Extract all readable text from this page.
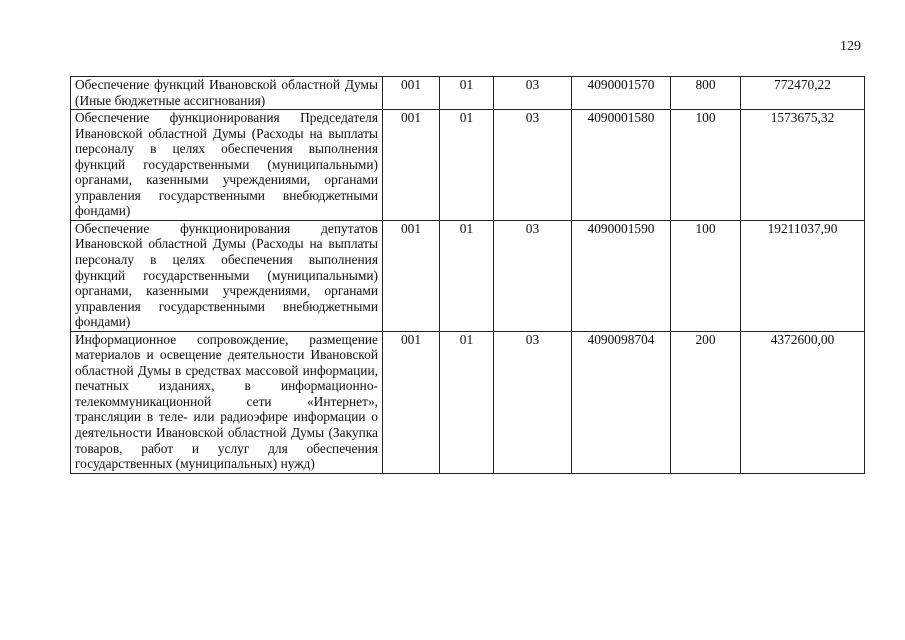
129
Обеспечение функций Ивановской областной Думы (Иные бюджетные ассигнования)	001	01	03	4090001570	800	772470,22
Обеспечение функционирования Председателя Ивановской областной Думы (Расходы на выплаты персоналу в целях обеспечения выполнения функций государственными (муниципальными) органами, казенными учреждениями, органами управления государственными внебюджетными фондами)	001	01	03	4090001580	100	1573675,32
Обеспечение функционирования депутатов Ивановской областной Думы (Расходы на выплаты персоналу в целях обеспечения выполнения функций государственными (муниципальными) органами, казенными учреждениями, органами управления государственными внебюджетными фондами)	001	01	03	4090001590	100	19211037,90
Информационное сопровождение, размещение материалов и освещение деятельности Ивановской областной Думы в средствах массовой информации, печатных изданиях, в информационно-телекоммуникационной сети «Интернет», трансляции в теле- или радиоэфире информации о деятельности Ивановской областной Думы (Закупка товаров, работ и услуг для обеспечения государственных (муниципальных) нужд)	001	01	03	4090098704	200	4372600,00
